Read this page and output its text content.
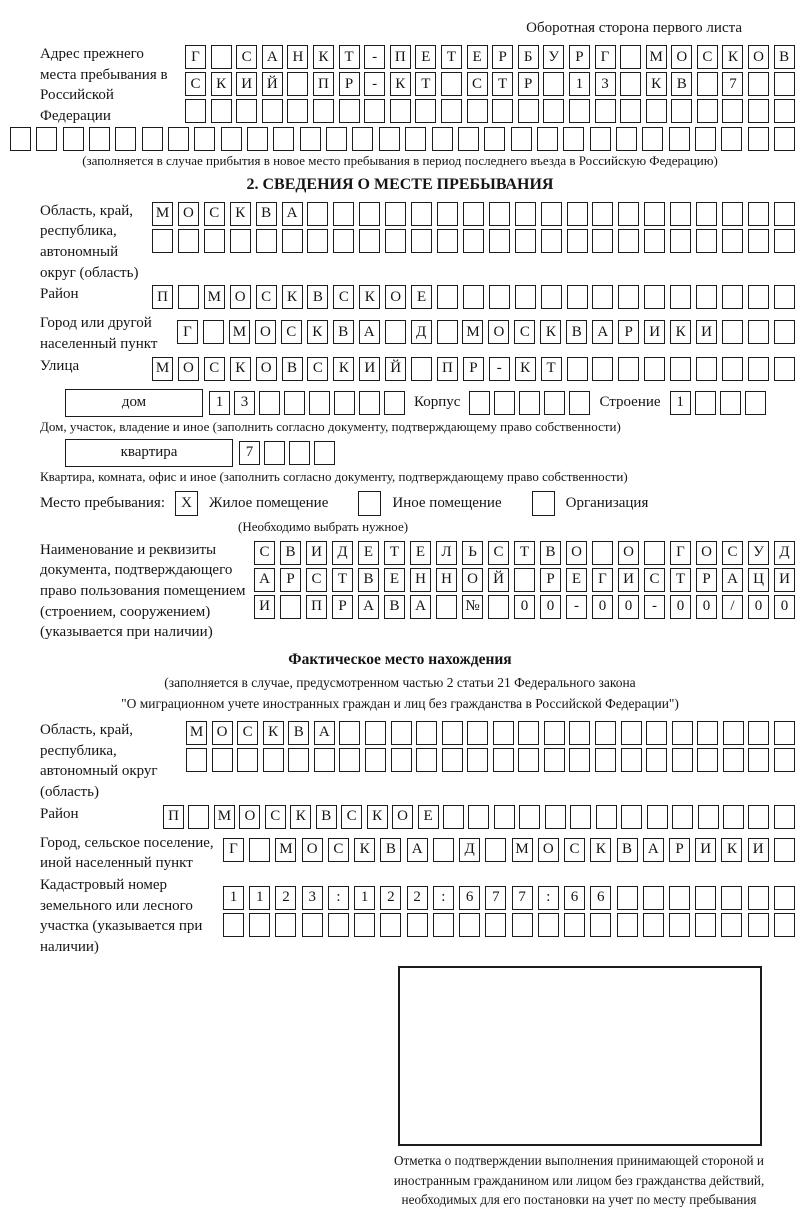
Оборотная сторона первого листа
Адрес прежнего места пребывания в Российской Федерации
Г	С	А Н	К	Т	-	П	Е	Т	Е	Р	Б	У	Р	Г	М О	С	К	О	В
С	К	И Й	П	Р	-	К	Т	С	Т	Р	1	3	К	В	7
(заполняется в случае прибытия в новое место пребывания в период последнего въезда в Российскую Федерацию)
2. СВЕДЕНИЯ О МЕСТЕ ПРЕБЫВАНИЯ
Область, край, республика, автономный округ (область)
М О	С	К	В	А
Район	П	М О	С	К	В	С	К	О	Е
Город или другой населенный пункт
Г	М О	С	К	В	А	Д	М О	С	К	В	А	Р	И	К	И
Улица	М О	С	К	О	В	С	К	И	Й	П	Р	-	К	Т
дом	1	3	Корпус	Строение	1
Дом, участок, владение и иное (заполнить согласно документу, подтверждающему право собственности)
квартира	7
Квартира, комната, офис и иное (заполнить согласно документу, подтверждающему право собственности)
Место пребывания:	X	Жилое помещение	Иное помещение	Организация
(Необходимо выбрать нужное)
Наименование и реквизиты документа, подтверждающего право пользования помещением (строением, сооружением) (указывается при наличии)
С	В	И	Д	Е	Т	Е	Л	Ь	С	Т	В	О	О	Г	О	С	У	Д
А	Р	С	Т	В	Е	Н	Н	О	Й	Р	Е	Г	И	С	Т	Р	А	Ц	И
И	П	Р	А	В	А	№	0	0	-	0	0	-	0	0	/	0	0
Фактическое место нахождения
(заполняется в случае, предусмотренном частью 2 статьи 21 Федерального закона
"О миграционном учете иностранных граждан и лиц без гражданства в Российской Федерации")
Область, край, республика, автономный округ (область)
М О	С	К	В	А
Район	П	М О	С	К	В	С	К	О	Е
Город, сельское поселение, иной населенный пункт
Г	М О	С	К	В	А	Д	М О	С	К	В	А	Р	И	К	И
Кадастровый номер земельного или лесного участка (указывается при наличии)
1	1	2	3	:	1	2	2	:	6	7	7	:	6	6
Отметка о подтверждении выполнения принимающей стороной и иностранным гражданином или лицом без гражданства действий, необходимых для его постановки на учет по месту пребывания
